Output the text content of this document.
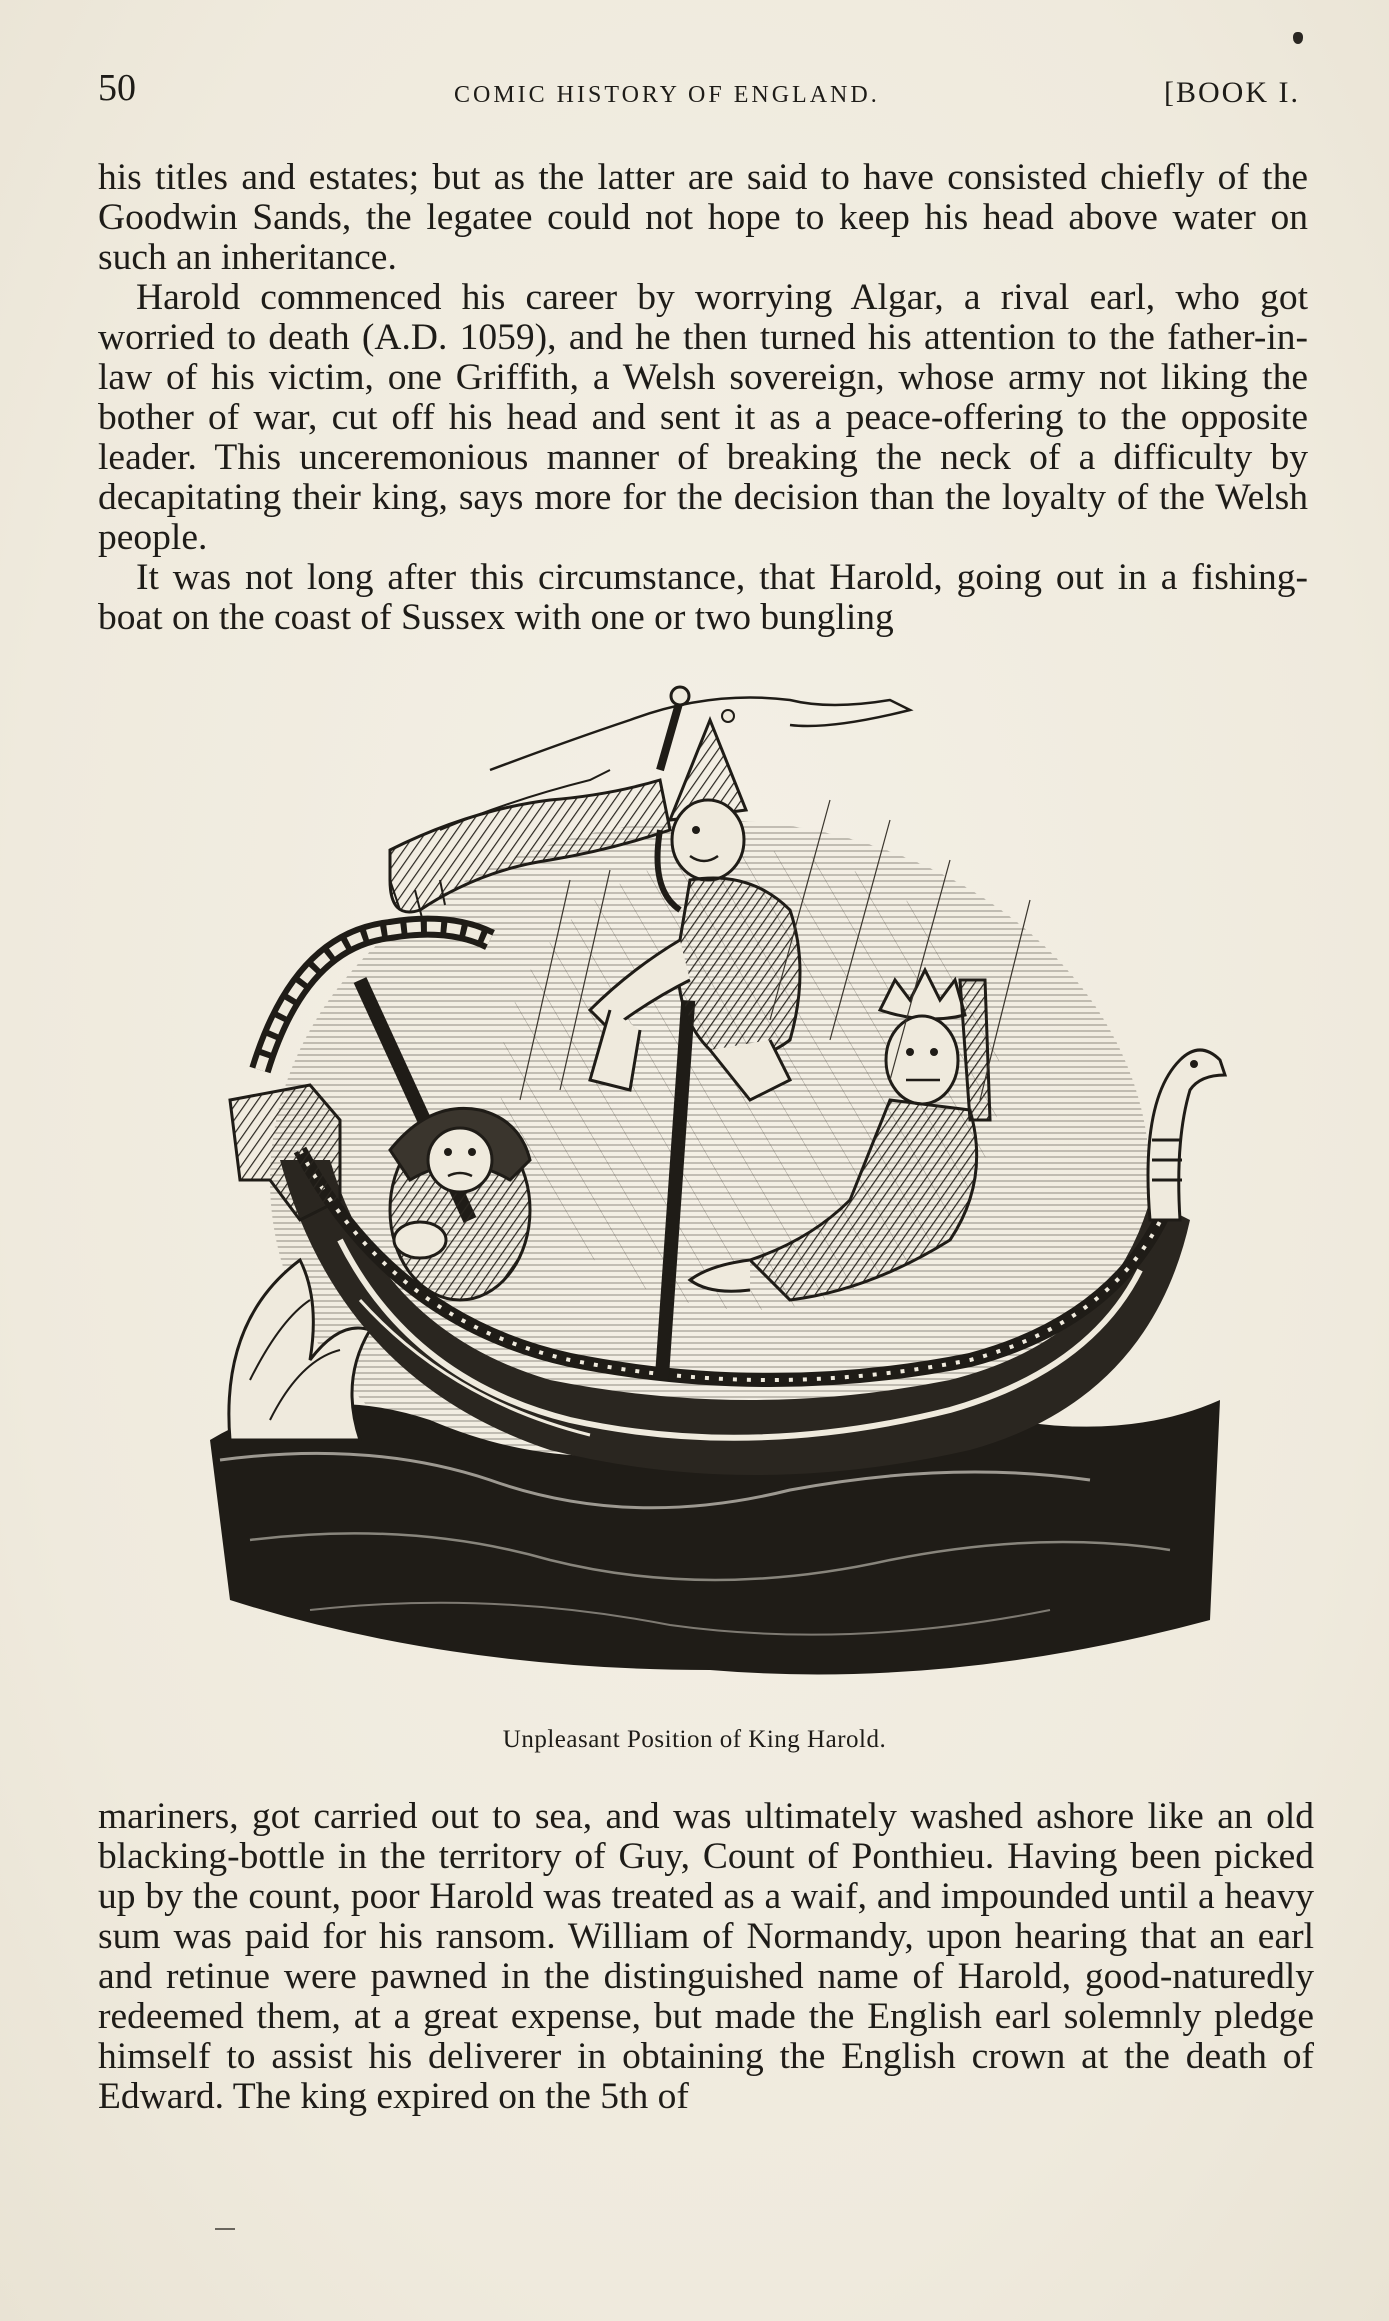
50	COMIC HISTORY OF ENGLAND.	[BOOK I.

his titles and estates; but as the latter are said to have consisted chiefly of the Goodwin Sands, the legatee could not hope to keep his head above water on such an inheritance.

Harold commenced his career by worrying Algar, a rival earl, who got worried to death (A.D. 1059), and he then turned his attention to the father-in-law of his victim, one Griffith, a Welsh sovereign, whose army not liking the bother of war, cut off his head and sent it as a peace-offering to the opposite leader. This unceremonious manner of breaking the neck of a difficulty by decapitating their king, says more for the decision than the loyalty of the Welsh people.

It was not long after this circumstance, that Harold, going out in a fishing-boat on the coast of Sussex with one or two bungling

Unpleasant Position of King Harold.

mariners, got carried out to sea, and was ultimately washed ashore like an old blacking-bottle in the territory of Guy, Count of Ponthieu. Having been picked up by the count, poor Harold was treated as a waif, and impounded until a heavy sum was paid for his ransom. William of Normandy, upon hearing that an earl and retinue were pawned in the distinguished name of Harold, good-naturedly redeemed them, at a great expense, but made the English earl solemnly pledge himself to assist his deliverer in obtaining the English crown at the death of Edward. The king expired on the 5th of
